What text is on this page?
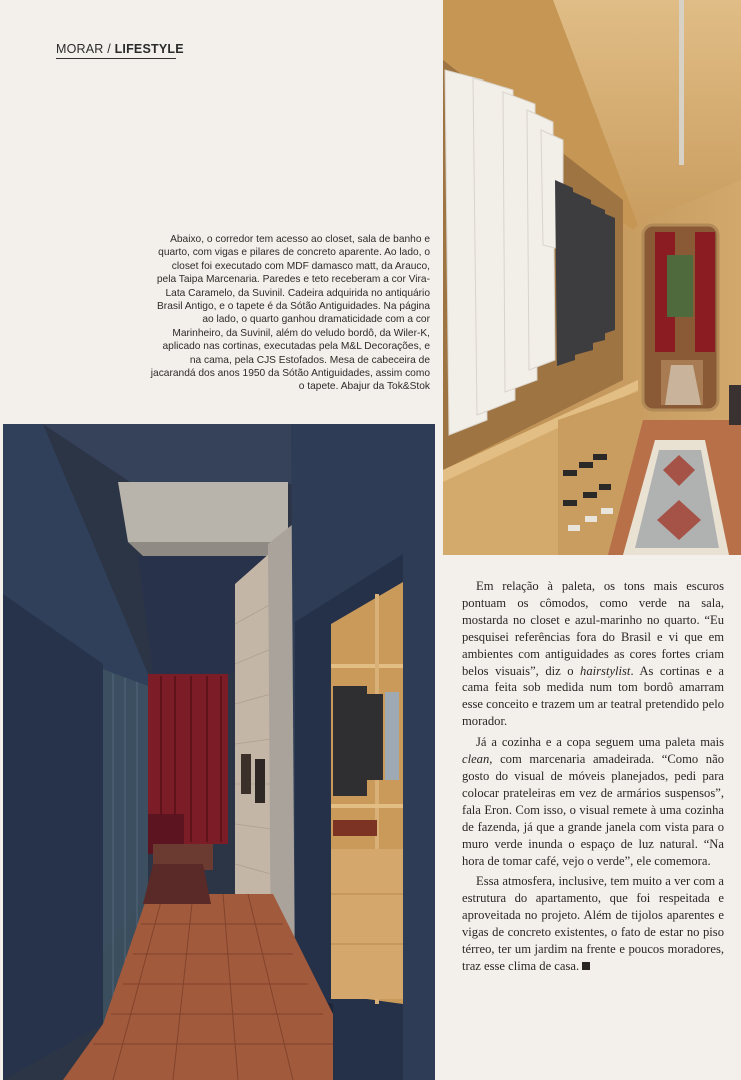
MORAR / LIFESTYLE
Abaixo, o corredor tem acesso ao closet, sala de banho e quarto, com vigas e pilares de concreto aparente. Ao lado, o closet foi executado com MDF damasco matt, da Arauco, pela Taipa Marcenaria. Paredes e teto receberam a cor Vira-Lata Caramelo, da Suvinil. Cadeira adquirida no antiquário Brasil Antigo, e o tapete é da Sótão Antiguidades. Na página ao lado, o quarto ganhou dramaticidade com a cor Marinheiro, da Suvinil, além do veludo bordô, da Wiler-K, aplicado nas cortinas, executadas pela M&L Decorações, e na cama, pela CJS Estofados. Mesa de cabeceira de jacarandá dos anos 1950 da Sótão Antiguidades, assim como o tapete. Abajur da Tok&Stok

Em relação à paleta, os tons mais escuros pontuam os cômodos, como verde na sala, mostarda no closet e azul-marinho no quarto. “Eu pesquisei referências fora do Brasil e vi que em ambientes com antiguidades as cores fortes criam belos visuais”, diz o hairstylist. As cortinas e a cama feita sob medida num tom bordô amarram esse conceito e trazem um ar teatral pretendido pelo morador.

Já a cozinha e a copa seguem uma paleta mais clean, com marcenaria amadeirada. “Como não gosto do visual de móveis planejados, pedi para colocar prateleiras em vez de armários suspensos”, fala Eron. Com isso, o visual remete à uma cozinha de fazenda, já que a grande janela com vista para o muro verde inunda o espaço de luz natural. “Na hora de tomar café, vejo o verde”, ele comemora.

Essa atmosfera, inclusive, tem muito a ver com a estrutura do apartamento, que foi respeitada e aproveitada no projeto. Além de tijolos aparentes e vigas de concreto existentes, o fato de estar no piso térreo, ter um jardim na frente e poucos moradores, traz esse clima de casa.
